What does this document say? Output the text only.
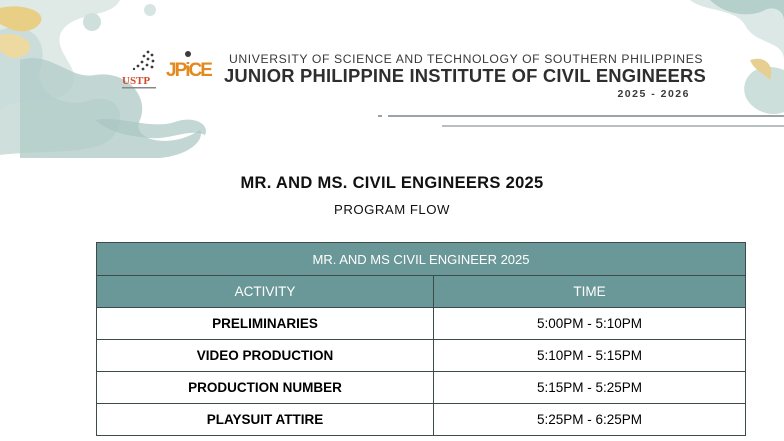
USTP JPiCE

UNIVERSITY OF SCIENCE AND TECHNOLOGY OF SOUTHERN PHILIPPINES
JUNIOR PHILIPPINE INSTITUTE OF CIVIL ENGINEERS
2025 - 2026
MR. AND MS. CIVIL ENGINEERS 2025
PROGRAM FLOW
MR. AND MS CIVIL ENGINEER 2025	
ACTIVITY	TIME
PRELIMINARIES	5:00PM - 5:10PM
VIDEO PRODUCTION	5:10PM - 5:15PM
PRODUCTION NUMBER	5:15PM - 5:25PM
PLAYSUIT ATTIRE	5:25PM - 6:25PM
